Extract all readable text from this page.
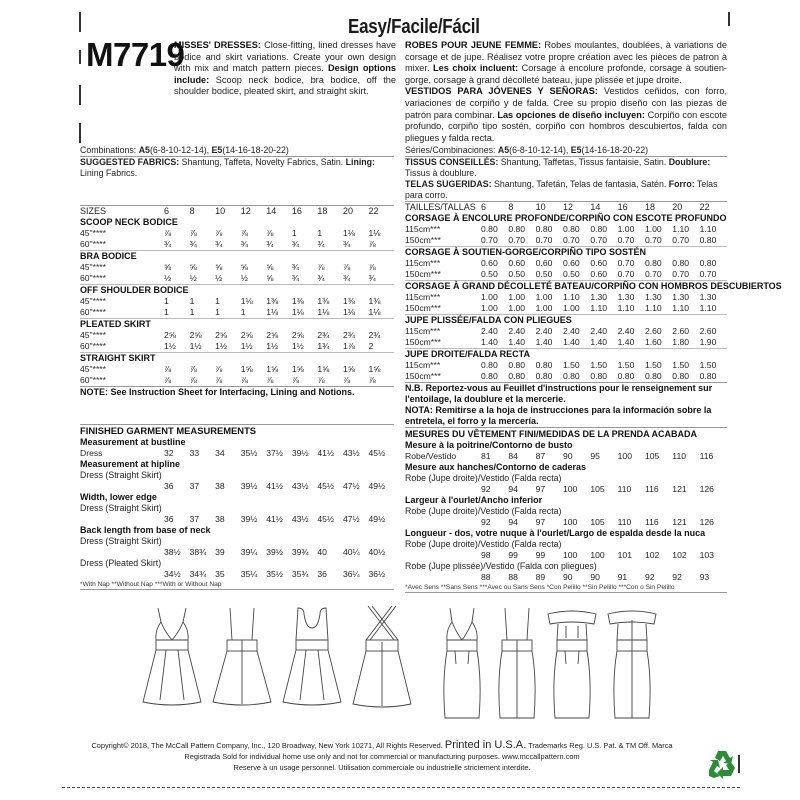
Easy/Facile/Fácil
M7719
MISSES' DRESSES: Close-fitting, lined dresses have bodice and skirt variations. Create your own design with mix and match pattern pieces. Design options include: Scoop neck bodice, bra bodice, off the shoulder bodice, pleated skirt, and straight skirt.
ROBES POUR JEUNE FEMME: Robes moulantes, doublées, à variations de corsage et de jupe. Réalisez votre propre création avec les pièces de patron à mixer. Les choix incluent: Corsage à encolure profonde, corsage à soutien-gorge, corsage à grand décolleté bateau, jupe plissée et jupe droite.
VESTIDOS PARA JÓVENES Y SEÑORAS: Vestidos ceñidos, con forro, variaciones de corpiño y de falda. Cree su propio diseño con las piezas de patrón para combinar. Las opciones de diseño incluyen: Corpiño con escote profundo, corpiño tipo sostén, corpiño con hombros descubiertos, falda con pliegues y falda recta.
Combinations: A5(6-8-10-12-14), E5(14-16-18-20-22)
SUGGESTED FABRICS: Shantung, Taffeta, Novelty Fabrics, Satin. Lining: Lining Fabrics.
SIZES	6	8	10	12	14	16	18	20	22
SCOOP NECK BODICE
45"****	⅞	⅞	⅞	⅞	⅞	1	1	1⅛	1⅛
60"****	¾	¾	¾	¾	¾	¾	¾	¾	⅞
BRA BODICE
45"****	⅝	⅝	⅝	⅝	⅝	¾	⅞	⅞	⅞
60"****	½	½	½	½	⅝	¾	¾	¾	¾
OFF SHOULDER BODICE
45"****	1	1	1	1⅛	1⅜	1⅜	1⅜	1⅜	1⅜
60"****	1	1	1	1	1⅛	1⅛	1⅛	1⅛	1⅛
PLEATED SKIRT
45"****	2⅝	2⅝	2⅝	2⅝	2⅝	2⅝	2¾	2¾	2¾
60"****	1½	1½	1½	1½	1½	1½	1¾	1⅞	2
STRAIGHT SKIRT
45"****	⅞	⅞	⅞	1⅝	1⅝	1⅝	1⅝	1⅝	1⅝
60"****	⅞	⅞	⅞	⅞	⅞	⅞	⅞	⅞	⅞
NOTE: See Instruction Sheet for Interfacing, Lining and Notions.
FINISHED GARMENT MEASUREMENTS
Measurement at bustline
Dress	32	33	34	35½	37½	39½	41½	43½	45½
Measurement at hipline
Dress (Straight Skirt)
36	37	38	39½	41½	43½	45½	47½	49½
Width, lower edge
Dress (Straight Skirt)
36	37	38	39½	41½	43½	45½	47½	49½
Back length from base of neck
Dress (Straight Skirt)
38½	38¾	39	39¼	39½	39¾	40	40¼	40½
Dress (Pleated Skirt)
34½	34¾	35	35¼	35½	35¾	36	36¼	36½
*With Nap **Without Nap ***With or Without Nap
Séries/Combinaciones: A5(6-8-10-12-14), E5(14-16-18-20-22)
TISSUS CONSEILLÉS: Shantung, Taffetas, Tissus fantaisie, Satin. Doublure: Tissus à doublure.
TELAS SUGERIDAS: Shantung, Tafetán, Telas de fantasia, Satén. Forro: Telas para corro.
TAILLES/TALLAS 6	8	10	12	14	16	18	20	22
CORSAGE À ENCOLURE PROFONDE/CORPIÑO CON ESCOTE PROFUNDO
115cm***	0.80	0.80	0.80	0.80	0.80	1.00	1.00	1.10	1.10
150cm***	0.70	0.70	0.70	0.70	0.70	0.70	0.70	0.70	0.80
CORSAGE À SOUTIEN-GORGE/CORPIÑO TIPO SOSTÉN
115cm***	0.60	0.60	0.60	0.60	0.60	0.70	0.80	0.80	0.80
150cm***	0.50	0.50	0.50	0.50	0.60	0.70	0.70	0.70	0.70
CORSAGE À GRAND DÉCOLLETÉ BATEAU/CORPIÑO CON HOMBROS DESCUBIERTOS
115cm***	1.00	1.00	1.00	1.10	1.30	1.30	1.30	1.30	1.30
150cm***	1.00	1.00	1.00	1.00	1.10	1.10	1.10	1.10	1.10
JUPE PLISSÉE/FALDA CON PLIEGUES
115cm***	2.40	2.40	2.40	2.40	2.40	2.40	2.60	2.60	2.60
150cm***	1.40	1.40	1.40	1.40	1.40	1.40	1.60	1.80	1.90
JUPE DROITE/FALDA RECTA
115cm***	0.80	0.80	0.80	1.50	1.50	1.50	1.50	1.50	1.50
150cm***	0.80	0.80	0.80	0.80	0.80	0.80	0.80	0.80	0.80
N.B. Reportez-vous au Feuillet d'instructions pour le renseignement sur l'entoilage, la doublure et la mercerie.
NOTA: Remitirse a la hoja de instrucciones para la información sobre la entretela, el forro y la mercería.
MESURES DU VÊTEMENT FINI/MEDIDAS DE LA PRENDA ACABADA
Mesure à la poitrine/Contorno de busto
Robe/Vestido	81	84	87	90	95	100	105	110	116
Mesure aux hanches/Contorno de caderas
Robe (Jupe droite)/Vestido (Falda recta)
92	94	97	100	105	110	116	121	126
Largeur à l'ourlet/Ancho inferior
Robe (Jupe droite)/Vestido (Falda recta)
92	94	97	100	105	110	116	121	126
Longueur - dos, votre nuque à l'ourlet/Largo de espalda desde la nuca
Robe (Jupe droite)/Vestido (Falda recta)
98	99	99	100	100	101	102	102	103
Robe (Jupe plissée)/Vestido (Falda con pliegues)
88	88	89	90	90	91	92	92	93
*Avec Sens **Sans Sens ***Avec ou Sans Sens *Con Pelillo **Sin Pelillo ***Con o Sin Pelillo
Copyright© 2018, The McCall Pattern Company, Inc., 120 Broadway, New York 10271, All Rights Reserved. Printed in U.S.A. Trademarks Reg. U.S. Pat. & TM Off. Marca
Registrada Sold for individual home use only and not for commercial or manufacturing purposes. www.mccallpattern.com
Reserve à un usage personnel. Utilisation commerciale ou industrielle strictement interdite.
